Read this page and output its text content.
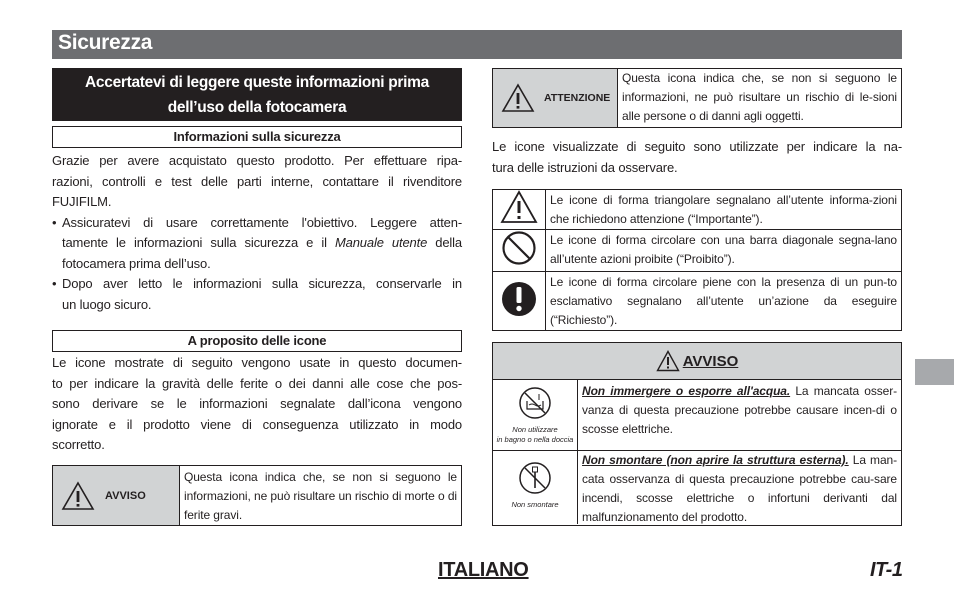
Sicurezza
Accertatevi di leggere queste informazioni prima
dell’uso della fotocamera
Informazioni sulla sicurezza
Grazie per avere acquistato questo prodotto. Per effettuare ripa-
razioni, controlli e test delle parti interne, contattare il rivenditore
FUJIFILM.
• Assicuratevi di usare correttamente l'obiettivo. Leggere atten-
tamente le informazioni sulla sicurezza e il Manuale utente della
fotocamera prima dell’uso.
• Dopo aver letto le informazioni sulla sicurezza, conservarle in
un luogo sicuro.
A proposito delle icone
Le icone mostrate di seguito vengono usate in questo documen-
to per indicare la gravità delle ferite o dei danni alle cose che pos-
sono derivare se le informazioni segnalate dall’icona vengono
ignorate e il prodotto viene di conseguenza utilizzato in modo
scorretto.
AVVISO
	Questa icona indica che, se non si seguono le informazioni, ne può risultare un rischio di morte o di ferite gravi.
ATTENZIONE
	Questa icona indica che, se non si seguono le informazioni, ne può risultare un rischio di le-sioni alle persone o di danni agli oggetti.
Le icone visualizzate di seguito sono utilizzate per indicare la na-
tura delle istruzioni da osservare.
	Le icone di forma triangolare segnalano all’utente informa-zioni che richiedono attenzione (“Importante”).
	Le icone di forma circolare con una barra diagonale segna-lano all’utente azioni proibite (“Proibito”).
	Le icone di forma circolare piene con la presenza di un pun-to esclamativo segnalano all’utente un’azione da eseguire (“Richiesto”).
AVVISO
Non utilizzare
in bagno o nella doccia
Non immergere o esporre all'acqua. La mancata osser-vanza di questa precauzione potrebbe causare incen-di o scosse elettriche.
Non smontare
Non smontare (non aprire la struttura esterna). La man-cata osservanza di questa precauzione potrebbe cau-sare incendi, scosse elettriche o infortuni derivanti dal malfunzionamento del prodotto.
ITALIANO	IT-1
